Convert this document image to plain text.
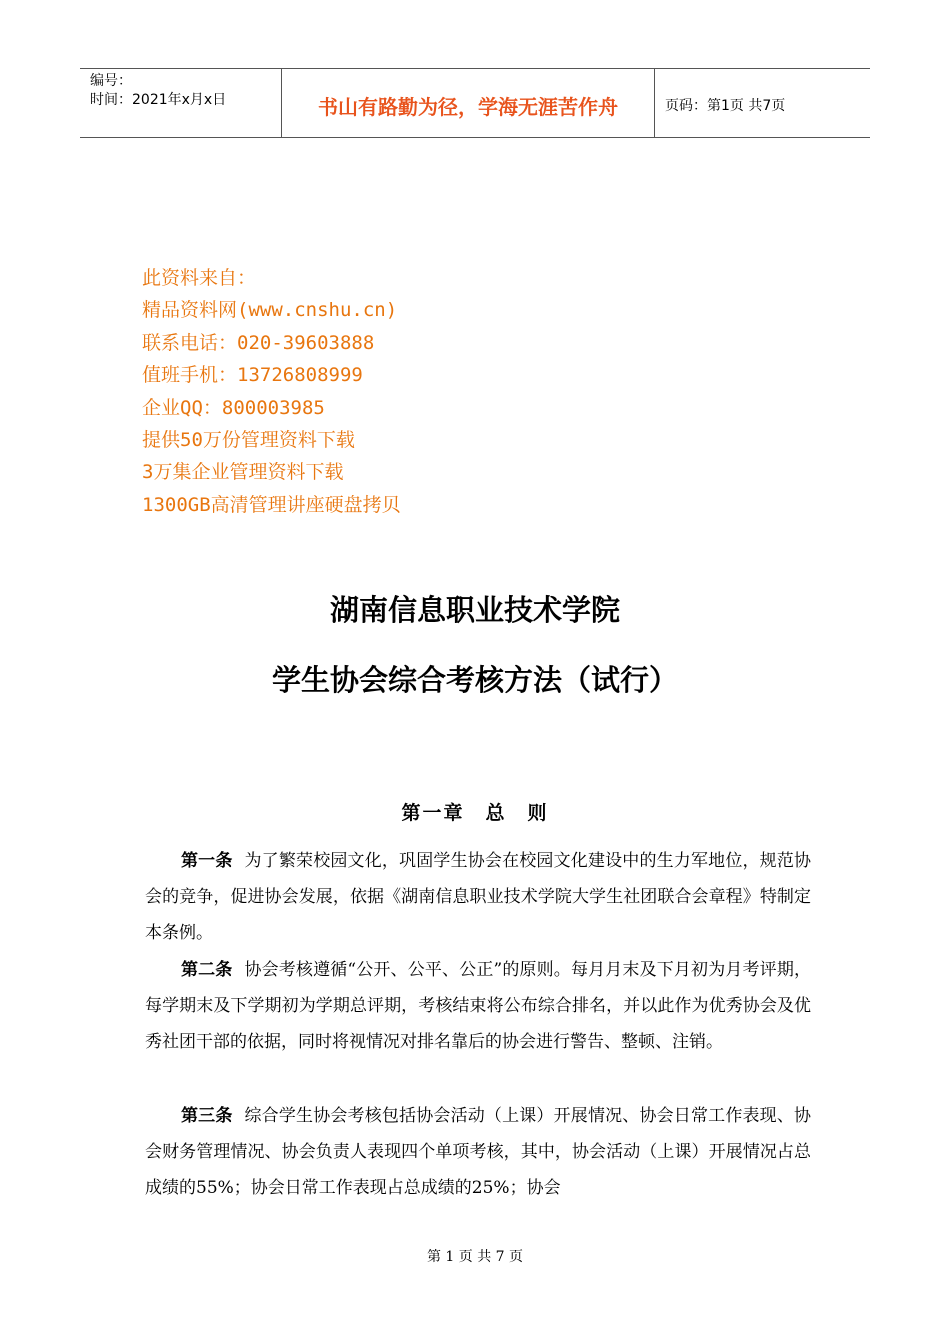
编号：
时间：2021年x月x日	书山有路勤为径，学海无涯苦作舟	页码：第1页 共7页
此资料来自：
精品资料网(www.cnshu.cn)
联系电话：020-39603888
值班手机：13726808999
企业QQ：800003985
提供50万份管理资料下载
3万集企业管理资料下载
1300GB高清管理讲座硬盘拷贝
湖南信息职业技术学院
学生协会综合考核方法（试行）
第一章　总　则
第一条 为了繁荣校园文化，巩固学生协会在校园文化建设中的生力军地位，规范协会的竞争，促进协会发展，依据《湖南信息职业技术学院大学生社团联合会章程》特制定本条例。
第二条 协会考核遵循“公开、公平、公正”的原则。每月月末及下月初为月考评期，每学期末及下学期初为学期总评期，考核结束将公布综合排名，并以此作为优秀协会及优秀社团干部的依据，同时将视情况对排名靠后的协会进行警告、整顿、注销。
第三条 综合学生协会考核包括协会活动（上课）开展情况、协会日常工作表现、协会财务管理情况、协会负责人表现四个单项考核，其中，协会活动（上课）开展情况占总成绩的55%；协会日常工作表现占总成绩的25%；协会
第 1 页 共 7 页
